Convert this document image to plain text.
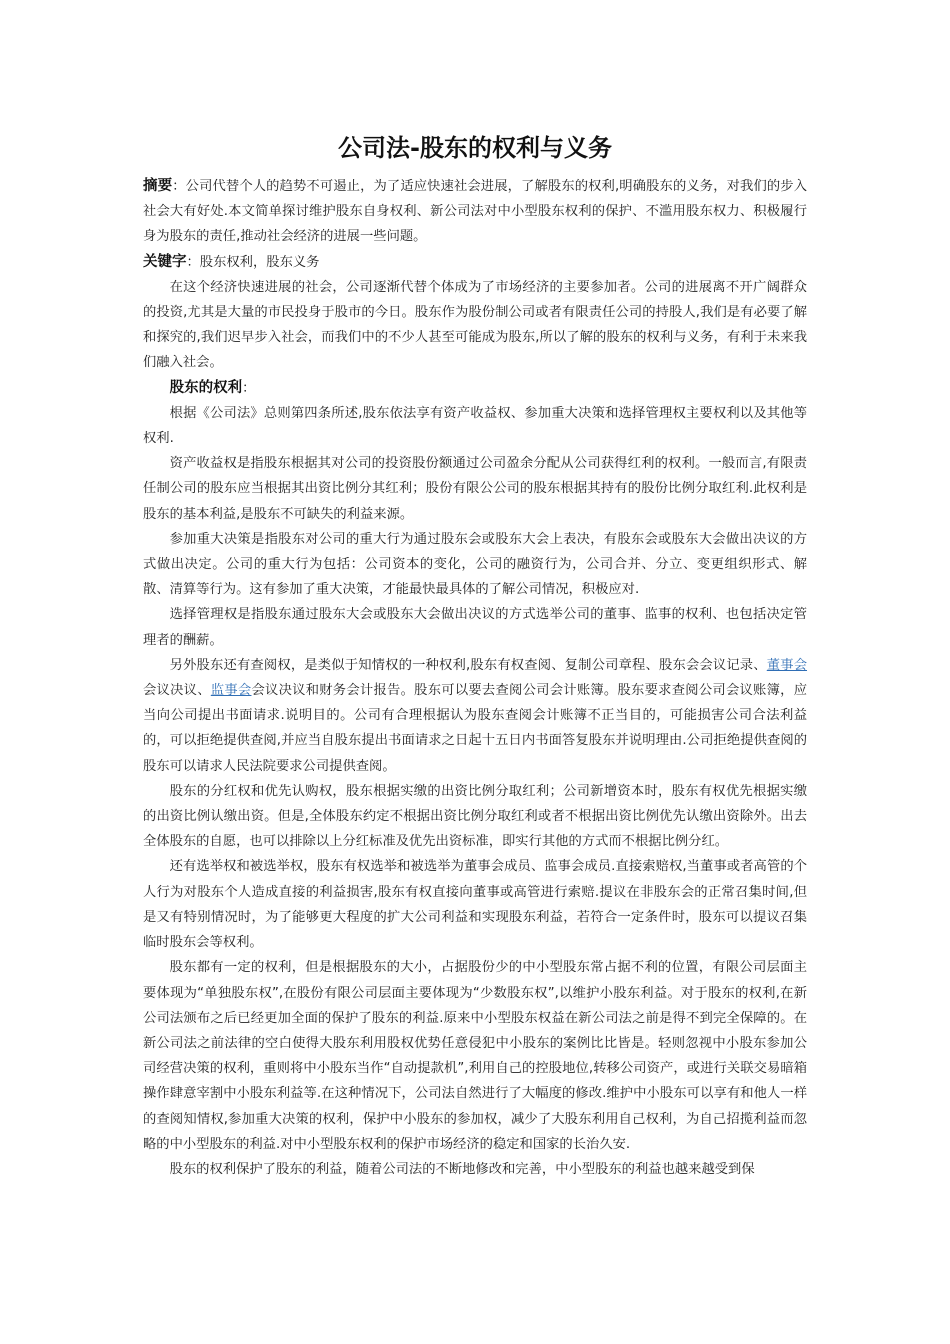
公司法-股东的权利与义务

摘要：公司代替个人的趋势不可遏止，为了适应快速社会进展，了解股东的权利,明确股东的义务，对我们的步入社会大有好处.本文简单探讨维护股东自身权利、新公司法对中小型股东权利的保护、不滥用股东权力、积极履行身为股东的责任,推动社会经济的进展一些问题。

关键字：股东权利，股东义务

在这个经济快速进展的社会，公司逐渐代替个体成为了市场经济的主要参加者。公司的进展离不开广阔群众的投资,尤其是大量的市民投身于股市的今日。股东作为股份制公司或者有限责任公司的持股人,我们是有必要了解和探究的,我们迟早步入社会，而我们中的不少人甚至可能成为股东,所以了解的股东的权利与义务，有利于未来我们融入社会。

股东的权利：

根据《公司法》总则第四条所述,股东依法享有资产收益权、参加重大决策和选择管理权主要权利以及其他等权利.

资产收益权是指股东根据其对公司的投资股份额通过公司盈余分配从公司获得红利的权利。一般而言,有限责任制公司的股东应当根据其出资比例分其红利；股份有限公公司的股东根据其持有的股份比例分取红利.此权利是股东的基本利益,是股东不可缺失的利益来源。

参加重大决策是指股东对公司的重大行为通过股东会或股东大会上表决，有股东会或股东大会做出决议的方式做出决定。公司的重大行为包括：公司资本的变化，公司的融资行为，公司合并、分立、变更组织形式、解散、清算等行为。这有参加了重大决策，才能最快最具体的了解公司情况，积极应对.

选择管理权是指股东通过股东大会或股东大会做出决议的方式选举公司的董事、监事的权利、也包括决定管理者的酬薪。

另外股东还有查阅权，是类似于知情权的一种权利,股东有权查阅、复制公司章程、股东会会议记录、董事会会议决议、监事会会议决议和财务会计报告。股东可以要去查阅公司会计账簿。股东要求查阅公司会议账簿，应当向公司提出书面请求.说明目的。公司有合理根据认为股东查阅会计账簿不正当目的，可能损害公司合法利益的，可以拒绝提供查阅,并应当自股东提出书面请求之日起十五日内书面答复股东并说明理由.公司拒绝提供查阅的股东可以请求人民法院要求公司提供查阅。

股东的分红权和优先认购权，股东根据实缴的出资比例分取红利；公司新增资本时，股东有权优先根据实缴的出资比例认缴出资。但是,全体股东约定不根据出资比例分取红利或者不根据出资比例优先认缴出资除外。出去全体股东的自愿，也可以排除以上分红标准及优先出资标准，即实行其他的方式而不根据比例分红。

还有选举权和被选举权，股东有权选举和被选举为董事会成员、监事会成员.直接索赔权,当董事或者高管的个人行为对股东个人造成直接的利益损害,股东有权直接向董事或高管进行索赔.提议在非股东会的正常召集时间,但是又有特别情况时，为了能够更大程度的扩大公司利益和实现股东利益，若符合一定条件时，股东可以提议召集临时股东会等权利。

股东都有一定的权利，但是根据股东的大小，占据股份少的中小型股东常占据不利的位置，有限公司层面主要体现为“单独股东权”,在股份有限公司层面主要体现为“少数股东权”,以维护小股东利益。对于股东的权利,在新公司法颁布之后已经更加全面的保护了股东的利益.原来中小型股东权益在新公司法之前是得不到完全保障的。在新公司法之前法律的空白使得大股东利用股权优势任意侵犯中小股东的案例比比皆是。轻则忽视中小股东参加公司经营决策的权利，重则将中小股东当作“自动提款机”,利用自己的控股地位,转移公司资产，或进行关联交易暗箱操作肆意宰割中小股东利益等.在这种情况下，公司法自然进行了大幅度的修改.维护中小股东可以享有和他人一样的查阅知情权,参加重大决策的权利，保护中小股东的参加权，减少了大股东利用自己权利，为自己招揽利益而忽略的中小型股东的利益.对中小型股东权利的保护市场经济的稳定和国家的长治久安.

股东的权利保护了股东的利益，随着公司法的不断地修改和完善，中小型股东的利益也越来越受到保
